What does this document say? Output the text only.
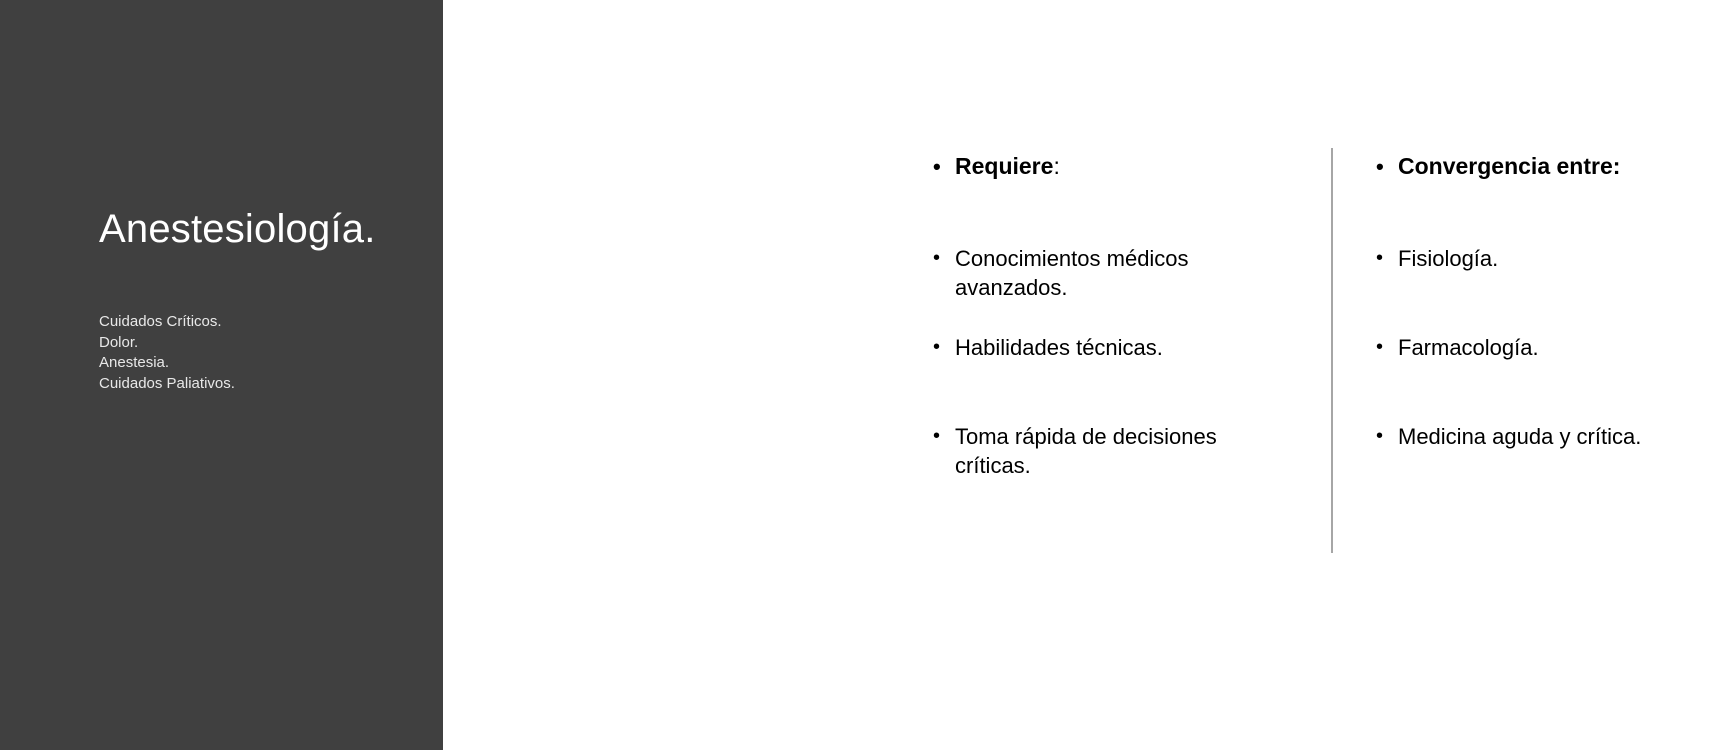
Anestesiología.
Cuidados Críticos.
Dolor.
Anestesia.
Cuidados Paliativos.
• Requiere:
• Conocimientos médicos avanzados.
• Habilidades técnicas.
• Toma rápida de decisiones críticas.
• Convergencia entre:
• Fisiología.
• Farmacología.
• Medicina aguda y crítica.
